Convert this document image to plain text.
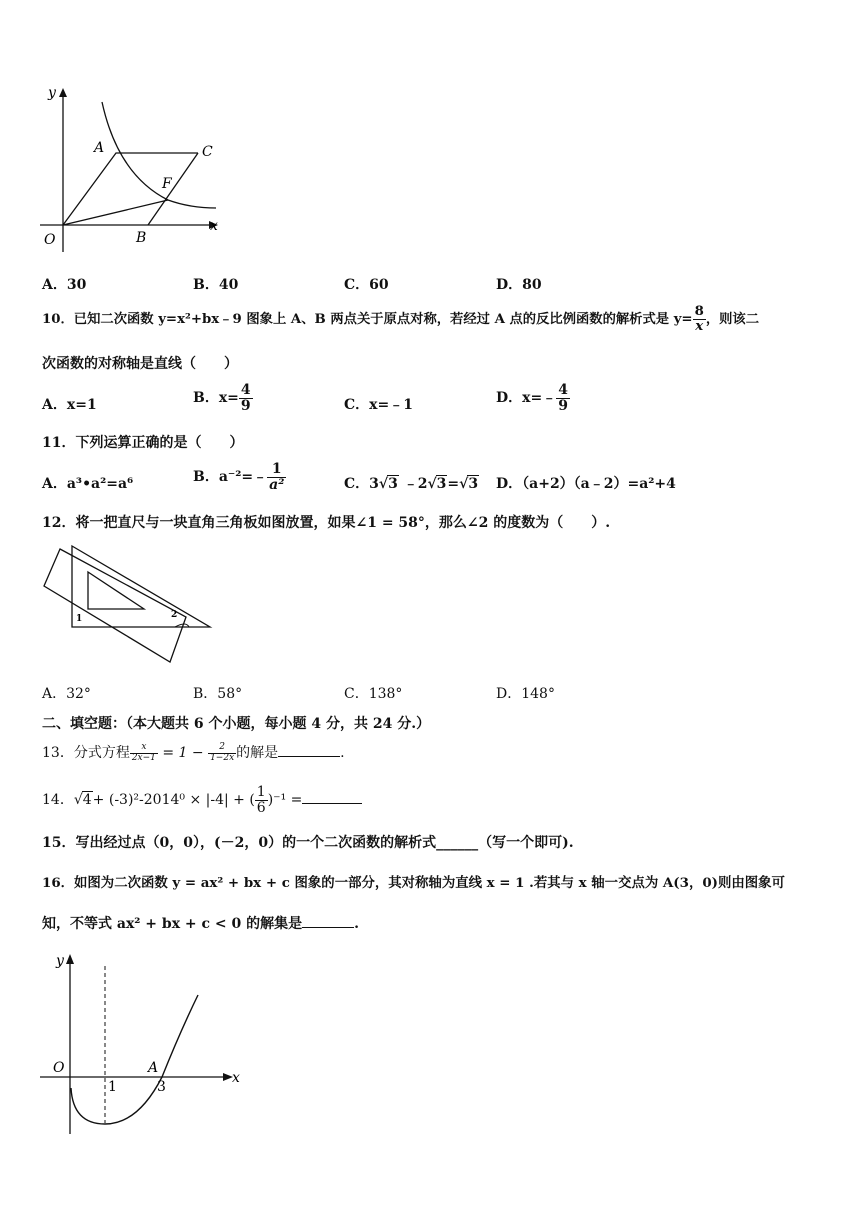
y
x
O
A
B
C
F
A．30	B．40	C．60	D．80
10．已知二次函数 y=x²+bx﹣9 图象上 A、B 两点关于原点对称，若经过 A 点的反比例函数的解析式是 $y= \frac{8}{x}$ ，则该二
次函数的对称轴是直线（　　）
A．x=1	B．$x= \frac{4}{9}$	C．x=﹣1	D．x=﹣ $\frac{4}{9}$
11．下列运算正确的是（　　）
A．a³•a²=a⁶	B．a⁻²=﹣ $\frac{1}{\text{a²}}$	C．3√3 ﹣2√3=√3 D．（a+2）（a﹣2）=a²+4
12．将一把直尺与一块直角三角板如图放置，如果∠1 = 58°，那么∠2 的度数为（　　）.
1	2
A．32°	B．58°	C．138°	D．148°
二、填空题：（本大题共 6 个小题，每小题 4 分，共 24 分.）
13．分式方程 $\frac{x}{2x-1} = 1 - \frac{2}{1-2x}$ 的解是	.
14．√4+ (-3)²-2014⁰ × |-4| + ( $\frac{1}{6} )^{-1}$ =
15．写出经过点（0，0），(－2，0）的一个二次函数的解析式______（写一个即可).
16．如图为二次函数 y = ax² + bx + c 图象的一部分，其对称轴为直线 x = 1 .若其与 x 轴一交点为 A(3，0)则由图象可
知，不等式 ax² + bx + c < 0 的解集是	.
y
x
O	A
1	3
